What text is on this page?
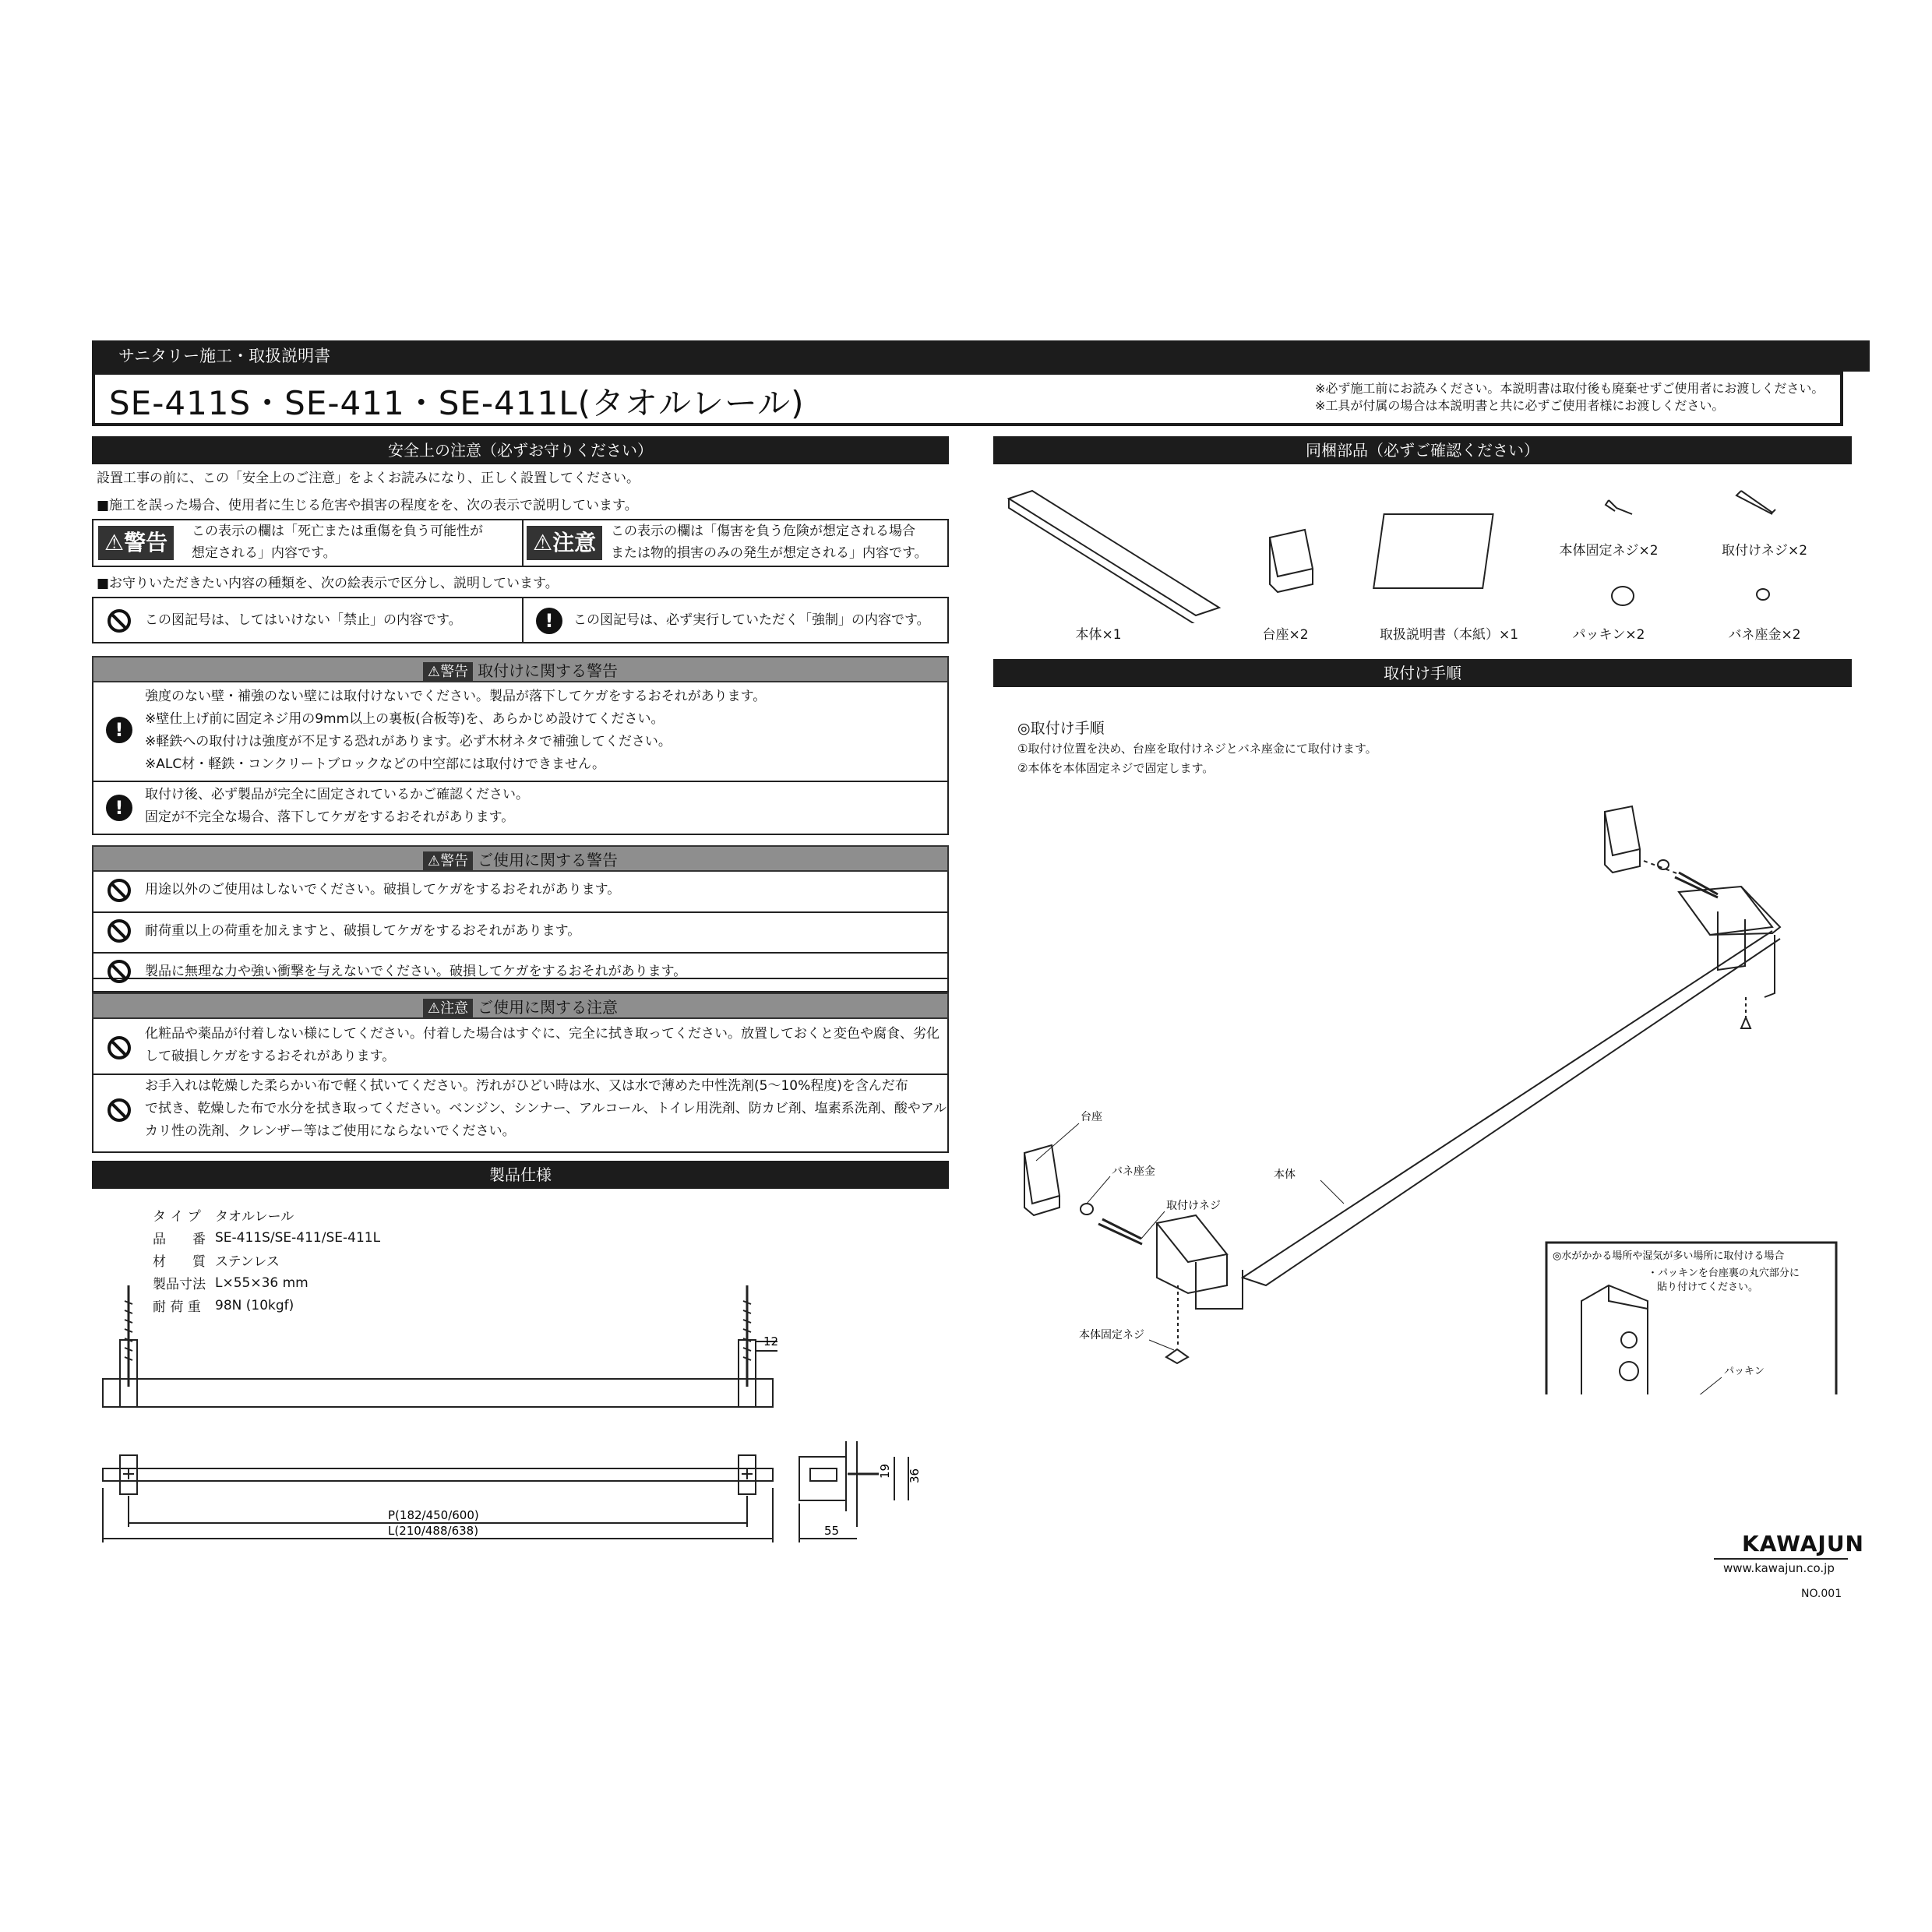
サニタリー施工・取扱説明書
SE-411S・SE-411・SE-411L(タオルレール)	※必ず施工前にお読みください。本説明書は取付後も廃棄せずご使用者にお渡しください。
※工具が付属の場合は本説明書と共に必ずご使用者様にお渡しください。
安全上の注意（必ずお守りください）
設置工事の前に、この「安全上のご注意」をよくお読みになり、正しく設置してください。
■施工を誤った場合、使用者に生じる危害や損害の程度をを、次の表示で説明しています。
⚠警告	この表示の欄は「死亡または重傷を負う可能性が
想定される」内容です。	⚠注意	この表示の欄は「傷害を負う危険が想定される場合
または物的損害のみの発生が想定される」内容です。
■お守りいただきたい内容の種類を、次の絵表示で区分し、説明しています。
この図記号は、してはいけない「禁止」の内容です。	!	この図記号は、必ず実行していただく「強制」の内容です。
⚠警告 取付けに関する警告
!
強度のない壁・補強のない壁には取付けないでください。製品が落下してケガをするおそれがあります。
※壁仕上げ前に固定ネジ用の9mm以上の裏板(合板等)を、あらかじめ設けてください。
※軽鉄への取付けは強度が不足する恐れがあります。必ず木材ネタで補強してください。
※ALC材・軽鉄・コンクリートブロックなどの中空部には取付けできません。
!
取付け後、必ず製品が完全に固定されているかご確認ください。
固定が不完全な場合、落下してケガをするおそれがあります。
⚠警告 ご使用に関する警告
用途以外のご使用はしないでください。破損してケガをするおそれがあります。
耐荷重以上の荷重を加えますと、破損してケガをするおそれがあります。
製品に無理な力や強い衝撃を与えないでください。破損してケガをするおそれがあります。
⚠注意 ご使用に関する注意
化粧品や薬品が付着しない様にしてください。付着した場合はすぐに、完全に拭き取ってください。放置しておくと変色や腐食、劣化
して破損しケガをするおそれがあります。
お手入れは乾燥した柔らかい布で軽く拭いてください。汚れがひどい時は水、又は水で薄めた中性洗剤(5～10%程度)を含んだ布
で拭き、乾燥した布で水分を拭き取ってください。ベンジン、シンナー、アルコール、トイレ用洗剤、防カビ剤、塩素系洗剤、酸やアル
カリ性の洗剤、クレンザー等はご使用にならないでください。
製品仕様
タ イ プ	タオルレール
品　　番	SE-411S/SE-411/SE-411L
材　　質	ステンレス
製品寸法	L×55×36 mm
耐 荷 重	98N (10kgf)
12
P(182/450/600)
L(210/488/638)
19 36
55
同梱部品（必ずご確認ください）
本体×1	台座×2	取扱説明書（本紙）×1
本体固定ネジ×2	取付けネジ×2
パッキン×2	バネ座金×2
取付け手順
◎取付け手順
①取付け位置を決め、台座を取付けネジとバネ座金にて取付けます。
②本体を本体固定ネジで固定します。
台座
バネ座金
取付けネジ
本体
本体固定ネジ
◎水がかかる場所や湿気が多い場所に取付ける場合
・パッキンを台座裏の丸穴部分に
貼り付けてください。
パッキン
KAWAJUN
www.kawajun.co.jp
NO.001
